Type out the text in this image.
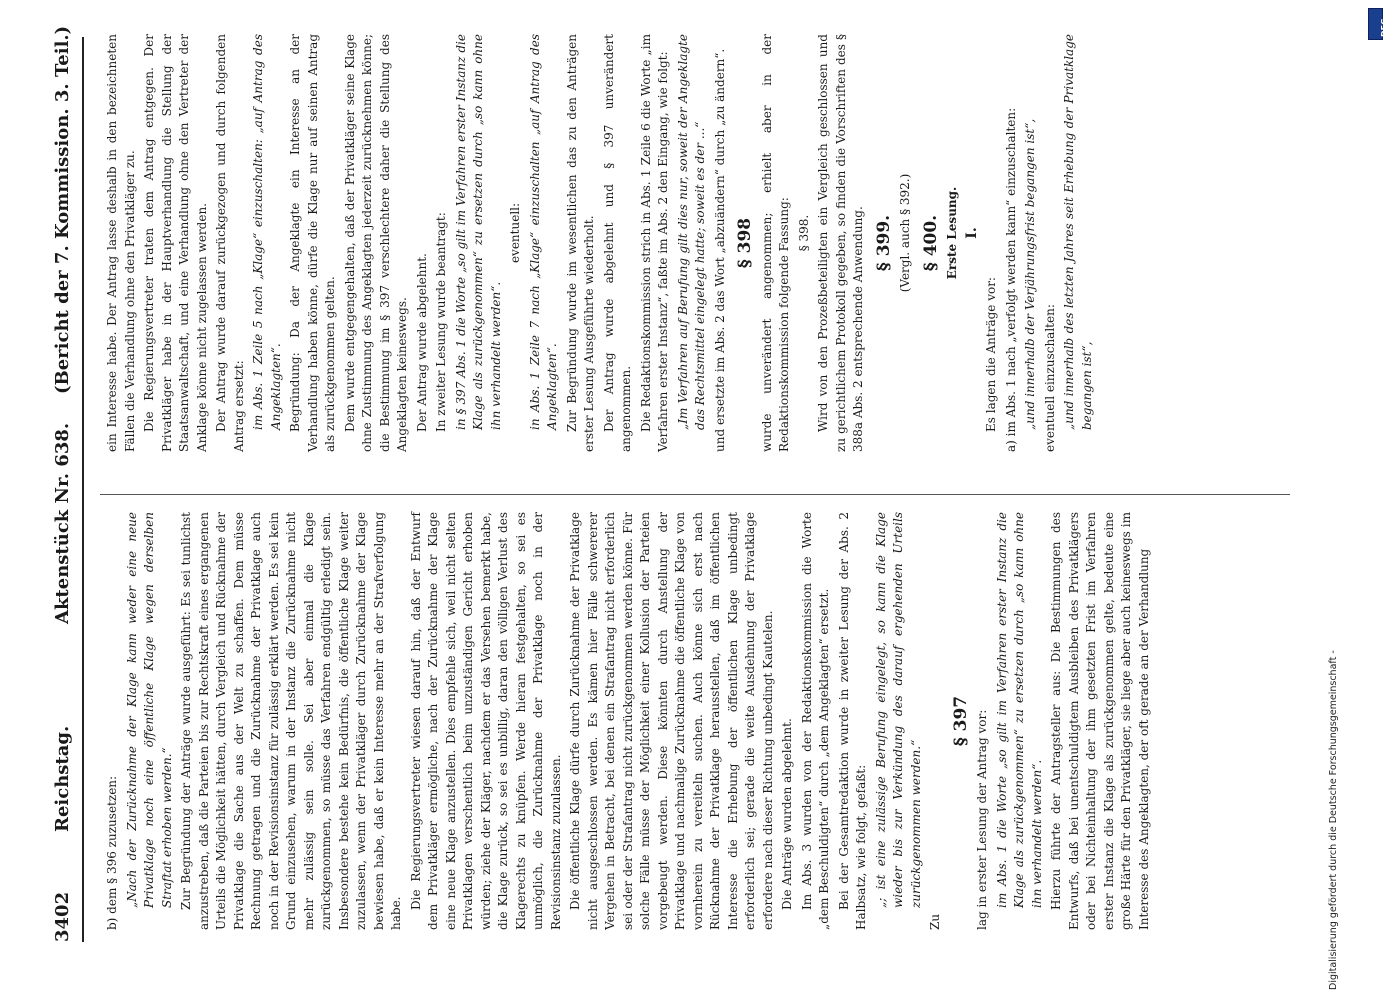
3402
Reichstag.
Aktenstück Nr. 638.
(Bericht der 7. Kommission. 3. Teil.)

b) dem § 396 zuzusetzen: „Nach der Zurücknahme der Klage kann weder eine neue Privatklage noch eine öffentliche Klage wegen derselben Straftat erhoben werden.“ Zur Begründung der Anträge wurde ausgeführt: Es sei tunlichst anzustreben, daß die Parteien bis zur Rechtskraft eines ergangenen Urteils die Möglichkeit hätten, durch Vergleich und Rücknahme der Privatklage die Sache aus der Welt zu schaffen. Dem müsse Rechnung getragen und die Zurücknahme der Privatklage auch noch in der Revisionsinstanz für zulässig erklärt werden. Es sei kein Grund einzusehen, warum in der Instanz die Zurücknahme nicht mehr zulässig sein solle. Sei aber einmal die Klage zurückgenommen, so müsse das Verfahren endgültig erledigt sein. Insbesondere bestehe kein Bedürfnis, die öffentliche Klage weiter zuzulassen, wenn der Privatkläger durch Zurücknahme der Klage bewiesen habe, daß er kein Interesse mehr an der Strafverfolgung habe.

Die Regierungsvertreter wiesen darauf hin, daß der Entwurf dem Privatkläger ermögliche, nach der Zurücknahme der Klage eine neue Klage anzustellen. Dies empfehle sich, weil nicht selten Privatklagen verschentlich beim unzuständigen Gericht erhoben würden; ziehe der Kläger, nachdem er das Versehen bemerkt habe, die Klage zurück, so sei es unbillig, daran den völligen Verlust des Klagerechts zu knüpfen. Werde hieran festgehalten, so sei es unmöglich, die Zurücknahme der Privatklage noch in der Revisionsinstanz zuzulassen. Die öffentliche Klage dürfe durch Zurücknahme der Privatklage nicht ausgeschlossen werden. Es kämen hier Fälle schwererer Vergehen in Betracht, bei denen ein Strafantrag nicht erforderlich sei oder der Strafantrag nicht zurückgenommen werden könne. Für solche Fälle müsse der Möglichkeit einer Kollusion der Parteien vorgebeugt werden. Diese könnten durch Anstellung der Privatklage und nachmalige Zurücknahme die öffentliche Klage von vornherein zu vereiteln suchen. Auch könne sich erst nach Rücknahme der Privatklage herausstellen, daß im öffentlichen Interesse die Erhebung der öffentlichen Klage unbedingt erforderlich sei; gerade die weite Ausdehnung der Privatklage erfordere nach dieser Richtung unbedingt Kautelen. Die Anträge wurden abgelehnt. Im Abs. 3 wurden von der Redaktionskommission die Worte „dem Beschuldigten“ durch „dem Angeklagten“ ersetzt. Bei der Gesamtredaktion wurde in zweiter Lesung der Abs. 2 Halbsatz, wie folgt, gefaßt: „; ist eine zulässige Berufung eingelegt, so kann die Klage wieder bis zur Verkündung des darauf ergehenden Urteils zurückgenommen werden.“

Zu

§ 397 lag in erster Lesung der Antrag vor: im Abs. 1 die Worte „so gilt im Verfahren erster Instanz die Klage als zurückgenommen“ zu ersetzen durch „so kann ohne ihn verhandelt werden“. Hierzu führte der Antragsteller aus: Die Bestimmungen des Entwurfs, daß bei unentschuldigtem Ausbleiben des Privatklägers oder bei Nichteinhaltung der ihm gesetzten Frist im Verfahren erster Instanz die Klage als zurückgenommen gelte, bedeute eine große Härte für den Privatkläger, sie liege aber auch keineswegs im Interesse des Angeklagten, der oft gerade an der Verhandlung

ein Interesse habe. Der Antrag lasse deshalb in den bezeichneten Fällen die Verhandlung ohne den Privatkläger zu. Die Regierungsvertreter traten dem Antrag entgegen. Der Privatkläger habe in der Hauptverhandlung die Stellung der Staatsanwaltschaft, und eine Verhandlung ohne den Vertreter der Anklage könne nicht zugelassen werden. Der Antrag wurde darauf zurückgezogen und durch folgenden Antrag ersetzt: im Abs. 1 Zeile 5 nach „Klage“ einzuschalten: „auf Antrag des Angeklagten“. Begründung: Da der Angeklagte ein Interesse an der Verhandlung haben könne, dürfe die Klage nur auf seinen Antrag als zurückgenommen gelten. Dem wurde entgegengehalten, daß der Privatkläger seine Klage ohne Zustimmung des Angeklagten jederzeit zurücknehmen könne; die Bestimmung im § 397 verschlechtere daher die Stellung des Angeklagten keineswegs. Der Antrag wurde abgelehnt. In zweiter Lesung wurde beantragt: in § 397 Abs. 1 die Worte „so gilt im Verfahren erster Instanz die Klage als zurückgenommen“ zu ersetzen durch „so kann ohne ihn verhandelt werden“.

eventuell: in Abs. 1 Zeile 7 nach „Klage“ einzuschalten „auf Antrag des Angeklagten“. Zur Begründung wurde im wesentlichen das zu den Anträgen erster Lesung Ausgeführte wiederholt. Der Antrag wurde abgelehnt und § 397 unverändert angenommen. Die Redaktionskommission strich in Abs. 1 Zeile 6 die Worte „im Verfahren erster Instanz“, faßte im Abs. 2 den Eingang, wie folgt: „Im Verfahren auf Berufung gilt dies nur, soweit der Angeklagte das Rechtsmittel eingelegt hatte; soweit es der ...“ und ersetzte im Abs. 2 das Wort „abzuändern“ durch „zu ändern“. § 398 wurde unverändert angenommen; erhielt aber in der Redaktionskommission folgende Fassung: § 398. Wird von den Prozeßbeteiligten ein Vergleich geschlossen und zu gerichtlichem Protokoll gegeben, so finden die Vorschriften des § 388a Abs. 2 entsprechende Anwendung. § 399. (Vergl. auch § 392.) § 400. Erste Lesung. I.

Es lagen die Anträge vor: a) im Abs. 1 nach „verfolgt werden kann“ einzuschalten: „und innerhalb der Verjährungsfrist begangen ist“, eventuell einzuschalten: „und innerhalb des letzten Jahres seit Erhebung der Privatklage begangen ist“,

Digitalisierung gefördert durch die Deutsche Forschungsgemeinschaft -
DFG
